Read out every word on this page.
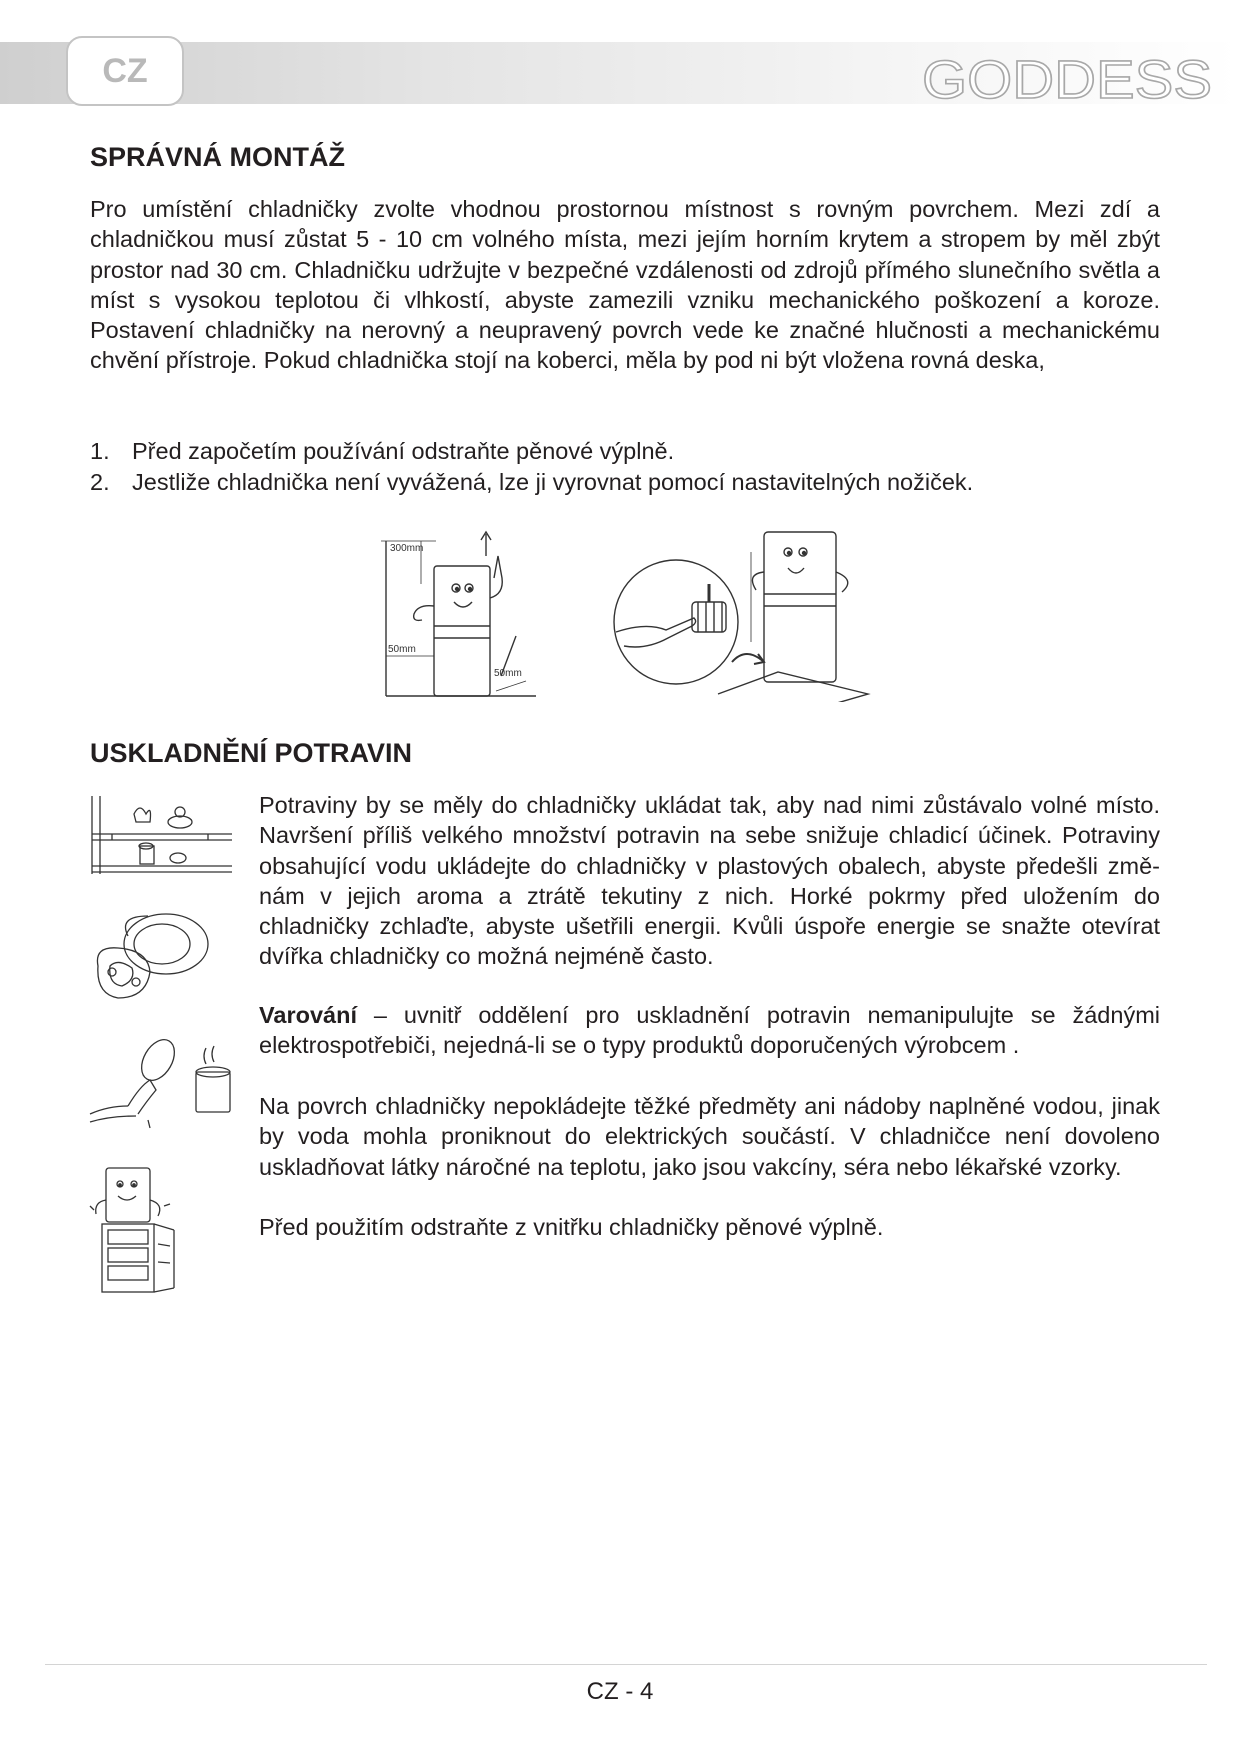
CZ	GODDESS
SPRÁVNÁ MONTÁŽ

Pro umístění chladničky zvolte vhodnou prostornou místnost s rovným povrchem. Mezi zdí a chladničkou musí zůstat 5 - 10 cm volného místa, mezi jejím horním krytem a stropem by měl zbýt prostor nad 30 cm. Chladničku udržujte v bezpečné vzdálenosti od zdrojů přímého slunečního světla a míst s vysokou teplotou či vlhkostí, abyste zamezili vzniku mechanického poškození a koroze. Postavení chladničky na nerovný a neupravený povrch vede ke značné hlučnosti a mechanickému chvění přístroje. Pokud chladnička stojí na koberci, měla by pod ni být vložena rovná deska,

1. Před započetím používání odstraňte pěnové výplně.
2. Jestliže chladnička není vyvážená, lze ji vyrovnat pomocí nastavitelných nožiček.
300mm
50mm
50mm
USKLADNĚNÍ POTRAVIN

Potraviny by se měly do chladničky ukládat tak, aby nad nimi zůstávalo volné místo. Navršení příliš velkého množství potravin na sebe snižuje chladicí účinek. Potraviny obsahující vodu ukládejte do chladničky v plastových obalech, abyste předešli změnám v jejich aroma a ztrátě tekutiny z nich. Horké pokrmy před uložením do chladničky zchlaďte, abyste ušetřili energii. Kvůli úspoře energie se snažte otevírat dvířka chladničky co možná nejméně často.

Varování – uvnitř oddělení pro uskladnění potravin nemanipulujte se žádnými elektrospotřebiči, nejedná-li se o typy produktů doporučených výrobcem .

Na povrch chladničky nepokládejte těžké předměty ani nádoby naplněné vodou, jinak by voda mohla proniknout do elektrických součástí. V chladničce není dovoleno uskladňovat látky náročné na teplotu, jako jsou vakcíny, séra nebo lékařské vzorky.

Před použitím odstraňte z vnitřku chladničky pěnové výplně.

CZ - 4
